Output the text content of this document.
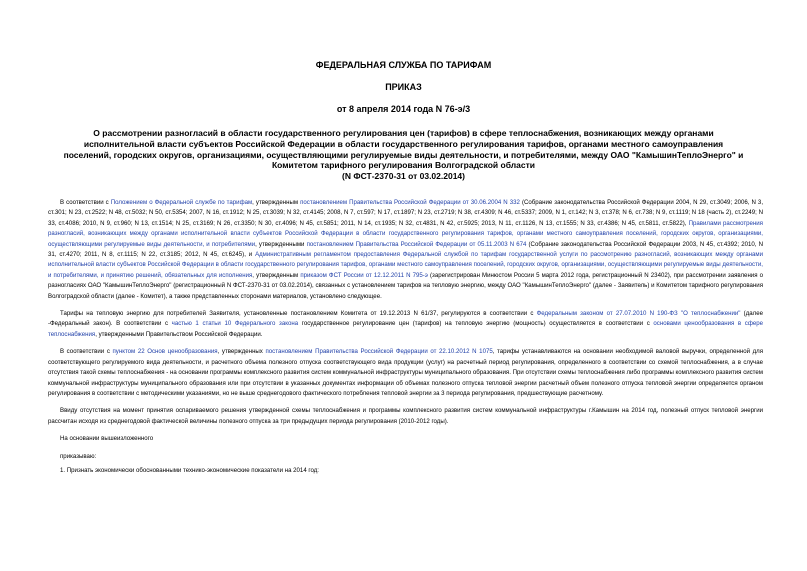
ФЕДЕРАЛЬНАЯ СЛУЖБА ПО ТАРИФАМ
ПРИКАЗ
от 8 апреля 2014 года N 76-э/3
О рассмотрении разногласий в области государственного регулирования цен (тарифов) в сфере теплоснабжения, возникающих между органами исполнительной власти субъектов Российской Федерации в области государственного регулирования тарифов, органами местного самоуправления поселений, городских округов, организациями, осуществляющими регулируемые виды деятельности, и потребителями, между ОАО "КамышинТеплоЭнерго" и Комитетом тарифного регулирования Волгоградской области
(N ФСТ-2370-31 от 03.02.2014)

В соответствии с Положением о Федеральной службе по тарифам, утвержденным постановлением Правительства Российской Федерации от 30.06.2004 N 332 (Собрание законодательства Российской Федерации 2004, N 29, ст.3049; 2006, N 3, ст.301; N 23, ст.2522; N 48, ст.5032; N 50, ст.5354; 2007, N 16, ст.1912; N 25, ст.3039; N 32, ст.4145; 2008, N 7, ст.597; N 17, ст.1897; N 23, ст.2719; N 38, ст.4309; N 46, ст.5337; 2009, N 1, ст.142; N 3, ст.378; N 6, ст.738; N 9, ст.1119; N 18 (часть 2), ст.2249; N 33, ст.4086; 2010, N 9, ст.960; N 13, ст.1514; N 25, ст.3169; N 26, ст.3350; N 30, ст.4096; N 45, ст.5851; 2011, N 14, ст.1935; N 32, ст.4831, N 42, ст.5925; 2013, N 11, ст.1126, N 13, ст.1555; N 33, ст.4386; N 45, ст.5811, ст.5822), Правилами рассмотрения разногласий, возникающих между органами исполнительной власти субъектов Российской Федерации в области государственного регулирования тарифов, органами местного самоуправления поселений, городских округов, организациями, осуществляющими регулируемые виды деятельности, и потребителями, утвержденными постановлением Правительства Российской Федерации от 05.11.2003 N 674 (Собрание законодательства Российской Федерации 2003, N 45, ст.4392; 2010, N 31, ст.4270; 2011, N 8, ст.1115; N 22, ст.3185; 2012, N 45, ст.6245), и Административным регламентом предоставления Федеральной службой по тарифам государственной услуги по рассмотрению разногласий, возникающих между органами исполнительной власти субъектов Российской Федерации в области государственного регулирования тарифов, органами местного самоуправления поселений, городских округов, организациями, осуществляющими регулируемые виды деятельности, и потребителями, и принятию решений, обязательных для исполнения, утвержденным приказом ФСТ России от 12.12.2011 N 795-э (зарегистрирован Минюстом России 5 марта 2012 года, регистрационный N 23402), при рассмотрении заявления о разногласиях ОАО "КамышинТеплоЭнерго" (регистрационный N ФСТ-2370-31 от 03.02.2014), связанных с установлением тарифов на тепловую энергию, между ОАО "КамышинТеплоЭнерго" (далее - Заявитель) и Комитетом тарифного регулирования Волгоградской области (далее - Комитет), а также представленных сторонами материалов, установлено следующее.

Тарифы на тепловую энергию для потребителей Заявителя, установленные постановлением Комитета от 19.12.2013 N 61/37, регулируются в соответствии с Федеральным законом от 27.07.2010 N 190-ФЗ "О теплоснабжении" (далее -Федеральный закон). В соответствии с частью 1 статьи 10 Федерального закона государственное регулирование цен (тарифов) на тепловую энергию (мощность) осуществляется в соответствии с основами ценообразования в сфере теплоснабжения, утвержденными Правительством Российской Федерации.

В соответствии с пунктом 22 Основ ценообразования, утвержденных постановлением Правительства Российской Федерации от 22.10.2012 N 1075, тарифы устанавливаются на основании необходимой валовой выручки, определенной для соответствующего регулируемого вида деятельности, и расчетного объема полезного отпуска соответствующего вида продукции (услуг) на расчетный период регулирования, определенного в соответствии со схемой теплоснабжения, а в случае отсутствия такой схемы теплоснабжения - на основании программы комплексного развития систем коммунальной инфраструктуры муниципального образования. При отсутствии схемы теплоснабжения либо программы комплексного развития систем коммунальной инфраструктуры муниципального образования или при отсутствии в указанных документах информации об объемах полезного отпуска тепловой энергии расчетный объем полезного отпуска тепловой энергии определяется органом регулирования в соответствии с методическими указаниями, но не выше среднегодового фактического потребления тепловой энергии за 3 периода регулирования, предшествующие расчетному.

Ввиду отсутствия на момент принятия оспариваемого решения утвержденной схемы теплоснабжения и программы комплексного развития систем коммунальной инфраструктуры г.Камышин на 2014 год, полезный отпуск тепловой энергии рассчитан исходя из среднегодовой фактической величины полезного отпуска за три предыдущих периода регулирования (2010-2012 годы).

На основании вышеизложенного

приказываю:

1. Признать экономически обоснованными технико-экономические показатели на 2014 год:
